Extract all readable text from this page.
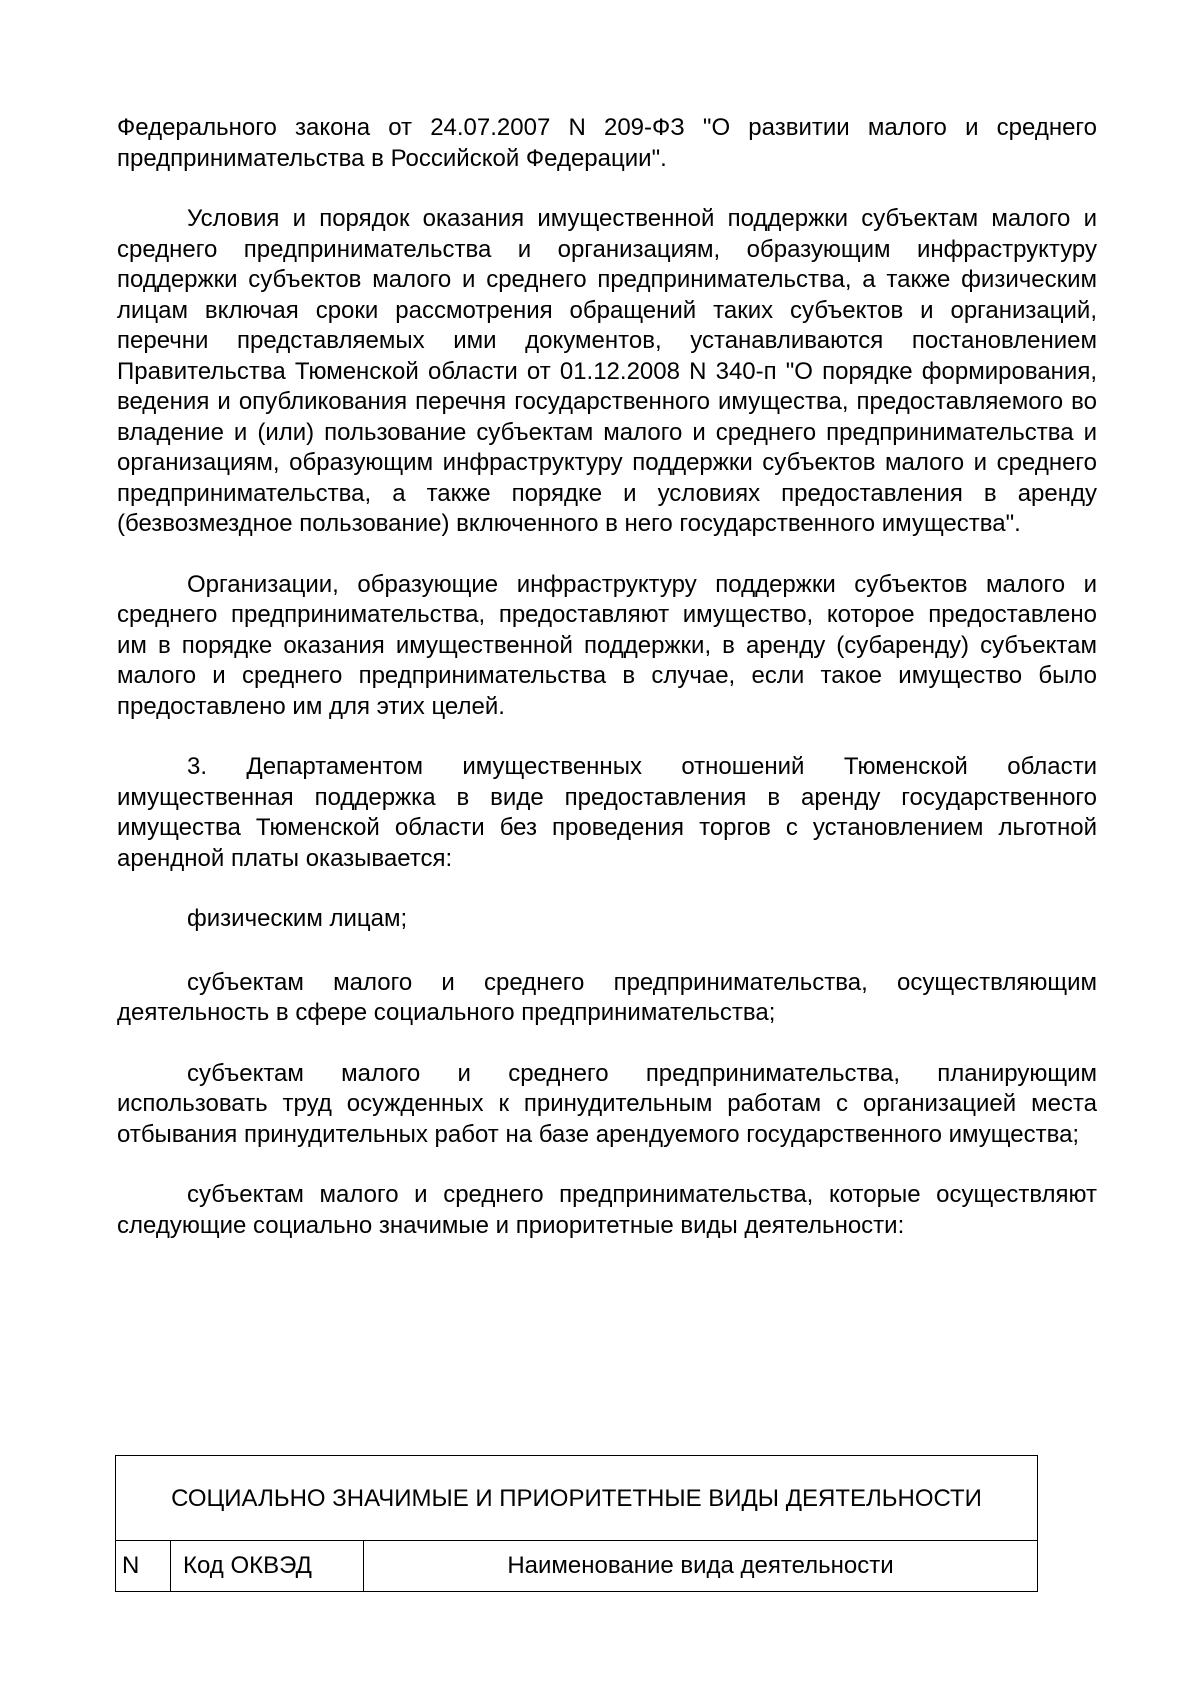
Федерального закона от 24.07.2007 N 209-ФЗ "О развитии малого и среднего предпринимательства в Российской Федерации".

Условия и порядок оказания имущественной поддержки субъектам малого и среднего предпринимательства и организациям, образующим инфраструктуру поддержки субъектов малого и среднего предпринимательства, а также физическим лицам включая сроки рассмотрения обращений таких субъектов и организаций, перечни представляемых ими документов, устанавливаются постановлением Правительства Тюменской области от 01.12.2008 N 340-п "О порядке формирования, ведения и опубликования перечня государственного имущества, предоставляемого во владение и (или) пользование субъектам малого и среднего предпринимательства и организациям, образующим инфраструктуру поддержки субъектов малого и среднего предпринимательства, а также порядке и условиях предоставления в аренду (безвозмездное пользование) включенного в него государственного имущества".

Организации, образующие инфраструктуру поддержки субъектов малого и среднего предпринимательства, предоставляют имущество, которое предоставлено им в порядке оказания имущественной поддержки, в аренду (субаренду) субъектам малого и среднего предпринимательства в случае, если такое имущество было предоставлено им для этих целей.

3. Департаментом имущественных отношений Тюменской области имущественная поддержка в виде предоставления в аренду государственного имущества Тюменской области без проведения торгов с установлением льготной арендной платы оказывается:

физическим лицам;

субъектам малого и среднего предпринимательства, осуществляющим деятельность в сфере социального предпринимательства;

субъектам малого и среднего предпринимательства, планирующим использовать труд осужденных к принудительным работам с организацией места отбывания принудительных работ на базе арендуемого государственного имущества;

субъектам малого и среднего предпринимательства, которые осуществляют следующие социально значимые и приоритетные виды деятельности:

СОЦИАЛЬНО ЗНАЧИМЫЕ И ПРИОРИТЕТНЫЕ ВИДЫ ДЕЯТЕЛЬНОСТИ
N	Код ОКВЭД	Наименование вида деятельности
